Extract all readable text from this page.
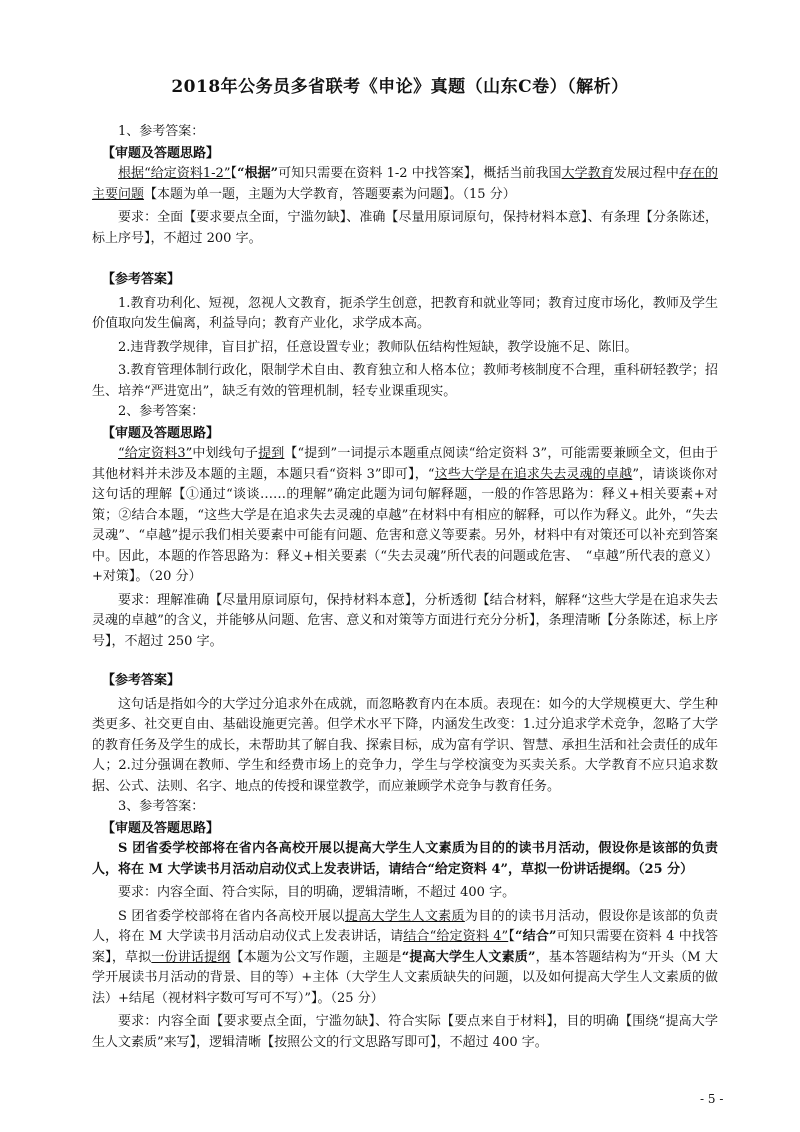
2018年公务员多省联考《申论》真题（山东C卷）（解析）

1、参考答案：

【审题及答题思路】

根据“给定资料1-2”【“根据”可知只需要在资料 1-2 中找答案】，概括当前我国大学教育发展过程中存在的主要问题【本题为单一题，主题为大学教育，答题要素为问题】。（15 分）

要求：全面【要求要点全面，宁滥勿缺】、准确【尽量用原词原句，保持材料本意】、有条理【分条陈述，标上序号】，不超过 200 字。

【参考答案】

1.教育功利化、短视，忽视人文教育，扼杀学生创意，把教育和就业等同；教育过度市场化，教师及学生价值取向发生偏离，利益导向；教育产业化，求学成本高。

2.违背教学规律，盲目扩招，任意设置专业；教师队伍结构性短缺，教学设施不足、陈旧。

3.教育管理体制行政化，限制学术自由、教育独立和人格本位；教师考核制度不合理，重科研轻教学；招生、培养“严进宽出”，缺乏有效的管理机制，轻专业课重现实。

2、参考答案：

【审题及答题思路】

“给定资料3”中划线句子提到【“提到”一词提示本题重点阅读“给定资料 3”，可能需要兼顾全文，但由于其他材料并未涉及本题的主题，本题只看“资料 3”即可】，“这些大学是在追求失去灵魂的卓越”，请谈谈你对这句话的理解【①通过“谈谈……的理解”确定此题为词句解释题，一般的作答思路为：释义+相关要素+对策；②结合本题，“这些大学是在追求失去灵魂的卓越”在材料中有相应的解释，可以作为释义。此外，“失去灵魂”、“卓越”提示我们相关要素中可能有问题、危害和意义等要素。另外，材料中有对策还可以补充到答案中。因此，本题的作答思路为：释义+相关要素（“失去灵魂”所代表的问题或危害、　“卓越”所代表的意义）+对策】。（20 分）

要求：理解准确【尽量用原词原句，保持材料本意】，分析透彻【结合材料，解释“这些大学是在追求失去灵魂的卓越”的含义，并能够从问题、危害、意义和对策等方面进行充分分析】，条理清晰【分条陈述，标上序号】，不超过 250 字。

【参考答案】

这句话是指如今的大学过分追求外在成就，而忽略教育内在本质。表现在：如今的大学规模更大、学生种类更多、社交更自由、基础设施更完善。但学术水平下降，内涵发生改变：1.过分追求学术竞争，忽略了大学的教育任务及学生的成长，未帮助其了解自我、探索目标，成为富有学识、智慧、承担生活和社会责任的成年人；2.过分强调在教师、学生和经费市场上的竞争力，学生与学校演变为买卖关系。大学教育不应只追求数据、公式、法则、名字、地点的传授和课堂教学，而应兼顾学术竞争与教育任务。

3、参考答案：

【审题及答题思路】

S 团省委学校部将在省内各高校开展以提高大学生人文素质为目的的读书月活动，假设你是该部的负责人，将在 M 大学读书月活动启动仪式上发表讲话，请结合“给定资料 4”，草拟一份讲话提纲。（25 分）

要求：内容全面、符合实际，目的明确，逻辑清晰，不超过 400 字。

S 团省委学校部将在省内各高校开展以提高大学生人文素质为目的的读书月活动，假设你是该部的负责人，将在 M 大学读书月活动启动仪式上发表讲话，请结合“给定资料 4”【“结合”可知只需要在资料 4 中找答案】，草拟一份讲话提纲【本题为公文写作题，主题是“提高大学生人文素质”，基本答题结构为“开头（M 大学开展读书月活动的背景、目的等）+主体（大学生人文素质缺失的问题，以及如何提高大学生人文素质的做法）+结尾（视材料字数可写可不写）”】。（25 分）

要求：内容全面【要求要点全面，宁滥勿缺】、符合实际【要点来自于材料】，目的明确【围绕“提高大学生人文素质”来写】，逻辑清晰【按照公文的行文思路写即可】，不超过 400 字。

- 5 -
